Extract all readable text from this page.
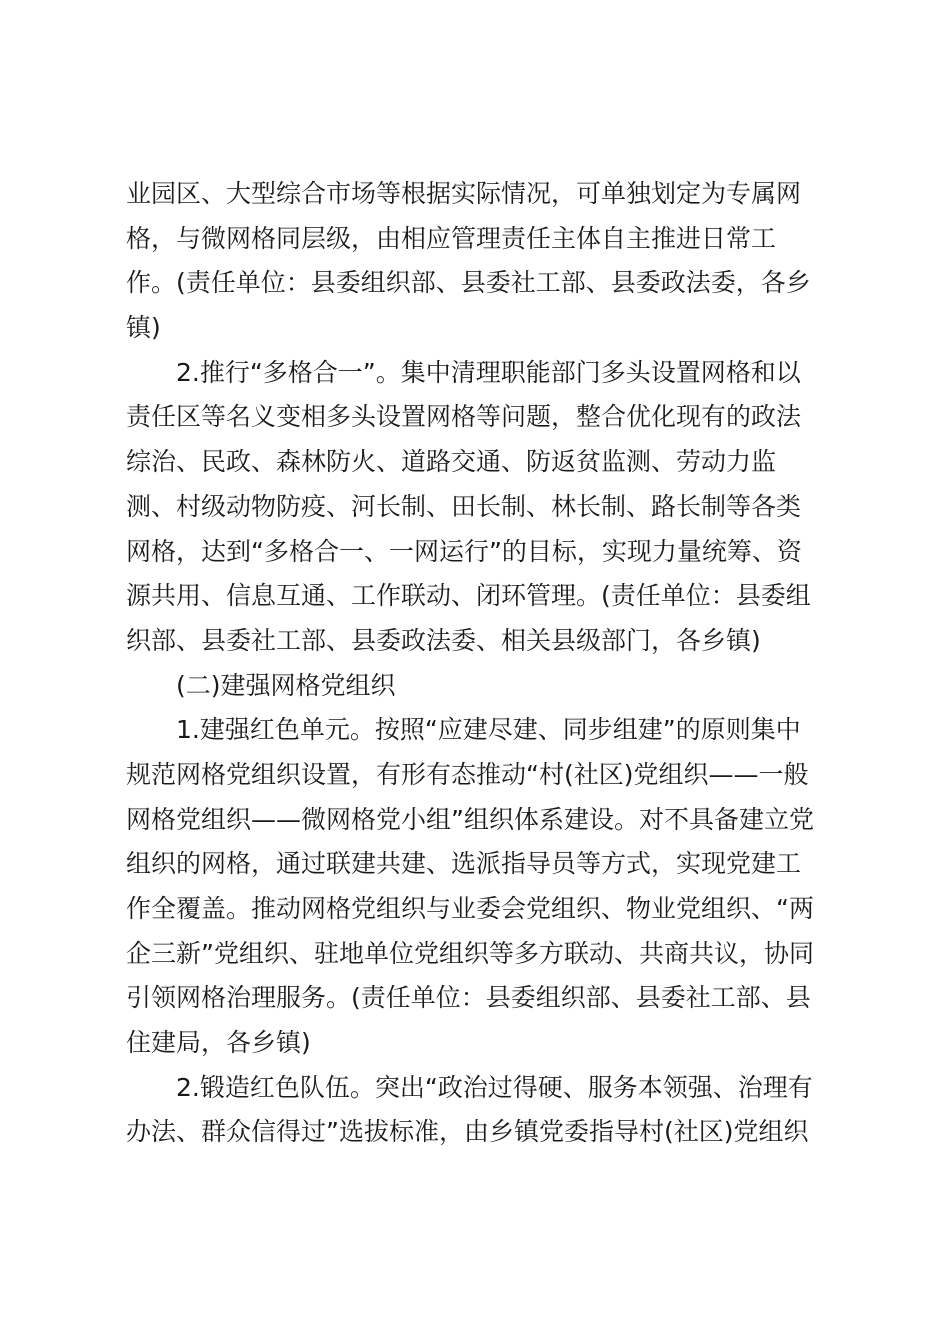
业园区、大型综合市场等根据实际情况，可单独划定为专属网
格，与微网格同层级，由相应管理责任主体自主推进日常工
作。(责任单位：县委组织部、县委社工部、县委政法委，各乡
镇)
2.推行“多格合一”。集中清理职能部门多头设置网格和以
责任区等名义变相多头设置网格等问题，整合优化现有的政法
综治、民政、森林防火、道路交通、防返贫监测、劳动力监
测、村级动物防疫、河长制、田长制、林长制、路长制等各类
网格，达到“多格合一、一网运行”的目标，实现力量统筹、资
源共用、信息互通、工作联动、闭环管理。(责任单位：县委组
织部、县委社工部、县委政法委、相关县级部门，各乡镇)
(二)建强网格党组织
1.建强红色单元。按照“应建尽建、同步组建”的原则集中
规范网格党组织设置，有形有态推动“村(社区)党组织——一般
网格党组织——微网格党小组”组织体系建设。对不具备建立党
组织的网格，通过联建共建、选派指导员等方式，实现党建工
作全覆盖。推动网格党组织与业委会党组织、物业党组织、“两
企三新”党组织、驻地单位党组织等多方联动、共商共议，协同
引领网格治理服务。(责任单位：县委组织部、县委社工部、县
住建局，各乡镇)
2.锻造红色队伍。突出“政治过得硬、服务本领强、治理有
办法、群众信得过”选拔标准，由乡镇党委指导村(社区)党组织
